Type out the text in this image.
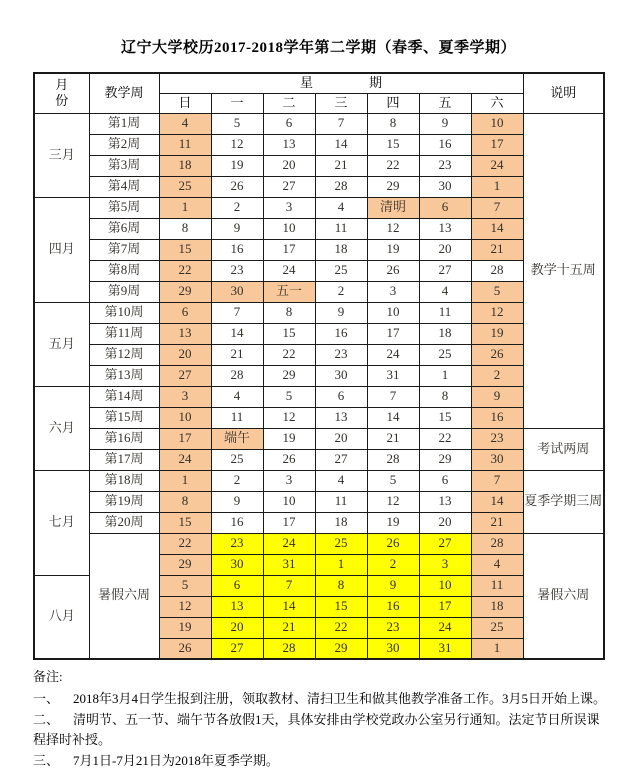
辽宁大学校历2017-2018学年第二学期（春季、夏季学期）
月
份	教学周	星期							说明
		日	一	二	三	四	五	六	
三月	第1周	4	5	6	7	8	9	10	教学十五周
	第2周	11	12	13	14	15	16	17	
	第3周	18	19	20	21	22	23	24	
	第4周	25	26	27	28	29	30	1	
四月	第5周	1	2	3	4	清明	6	7	
	第6周	8	9	10	11	12	13	14	
	第7周	15	16	17	18	19	20	21	
	第8周	22	23	24	25	26	27	28	
	第9周	29	30	五一	2	3	4	5	
五月	第10周	6	7	8	9	10	11	12	
	第11周	13	14	15	16	17	18	19	
	第12周	20	21	22	23	24	25	26	
	第13周	27	28	29	30	31	1	2	
六月	第14周	3	4	5	6	7	8	9	
	第15周	10	11	12	13	14	15	16	
	第16周	17	端午	19	20	21	22	23	考试两周
	第17周	24	25	26	27	28	29	30	
七月	第18周	1	2	3	4	5	6	7	夏季学期三周
	第19周	8	9	10	11	12	13	14	
	第20周	15	16	17	18	19	20	21	
	暑假六周	22	23	24	25	26	27	28	暑假六周
		29	30	31	1	2	3	4	
八月		5	6	7	8	9	10	11	
		12	13	14	15	16	17	18	
		19	20	21	22	23	24	25	
		26	27	28	29	30	31	1	
备注:
一、 2018年3月4日学生报到注册，领取教材、清扫卫生和做其他教学准备工作。3月5日开始上课。
二、 清明节、五一节、端午节各放假1天，具体安排由学校党政办公室另行通知。法定节日所误课程择时补授。
三、 7月1日-7月21日为2018年夏季学期。
